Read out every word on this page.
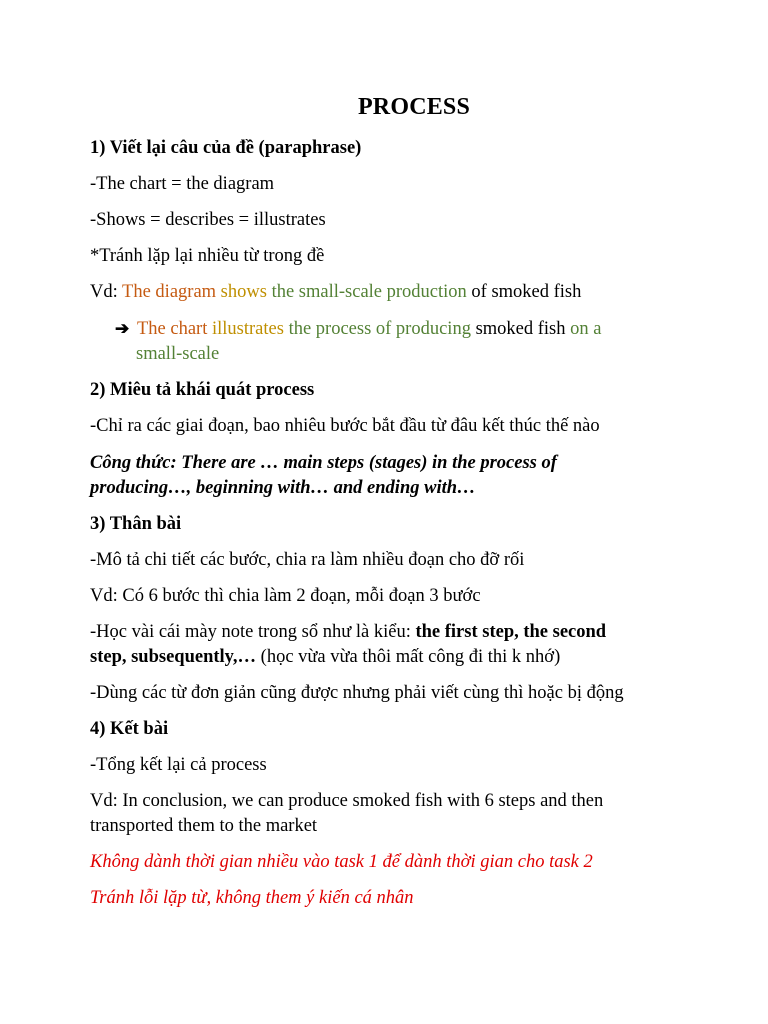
PROCESS

1) Viết lại câu của đề (paraphrase)

-The chart = the diagram

-Shows = describes = illustrates

*Tránh lặp lại nhiều từ trong đề

Vd: The diagram shows the small-scale production of smoked fish

➔ The chart illustrates the process of producing smoked fish on a

small-scale

2) Miêu tả khái quát process

-Chỉ ra các giai đoạn, bao nhiêu bước bắt đầu từ đâu kết thúc thế nào

Công thức: There are … main steps (stages) in the process of

producing…, beginning with… and ending with…

3) Thân bài

-Mô tả chi tiết các bước, chia ra làm nhiều đoạn cho đỡ rối

Vd: Có 6 bước thì chia làm 2 đoạn, mỗi đoạn 3 bước

-Học vài cái mày note trong sổ như là kiểu: the first step, the second

step, subsequently,… (học vừa vừa thôi mất công đi thi k nhớ)

-Dùng các từ đơn giản cũng được nhưng phải viết cùng thì hoặc bị động

4) Kết bài

-Tổng kết lại cả process

Vd: In conclusion, we can produce smoked fish with 6 steps and then

transported them to the market

Không dành thời gian nhiều vào task 1 để dành thời gian cho task 2

Tránh lỗi lặp từ, không them ý kiến cá nhân
